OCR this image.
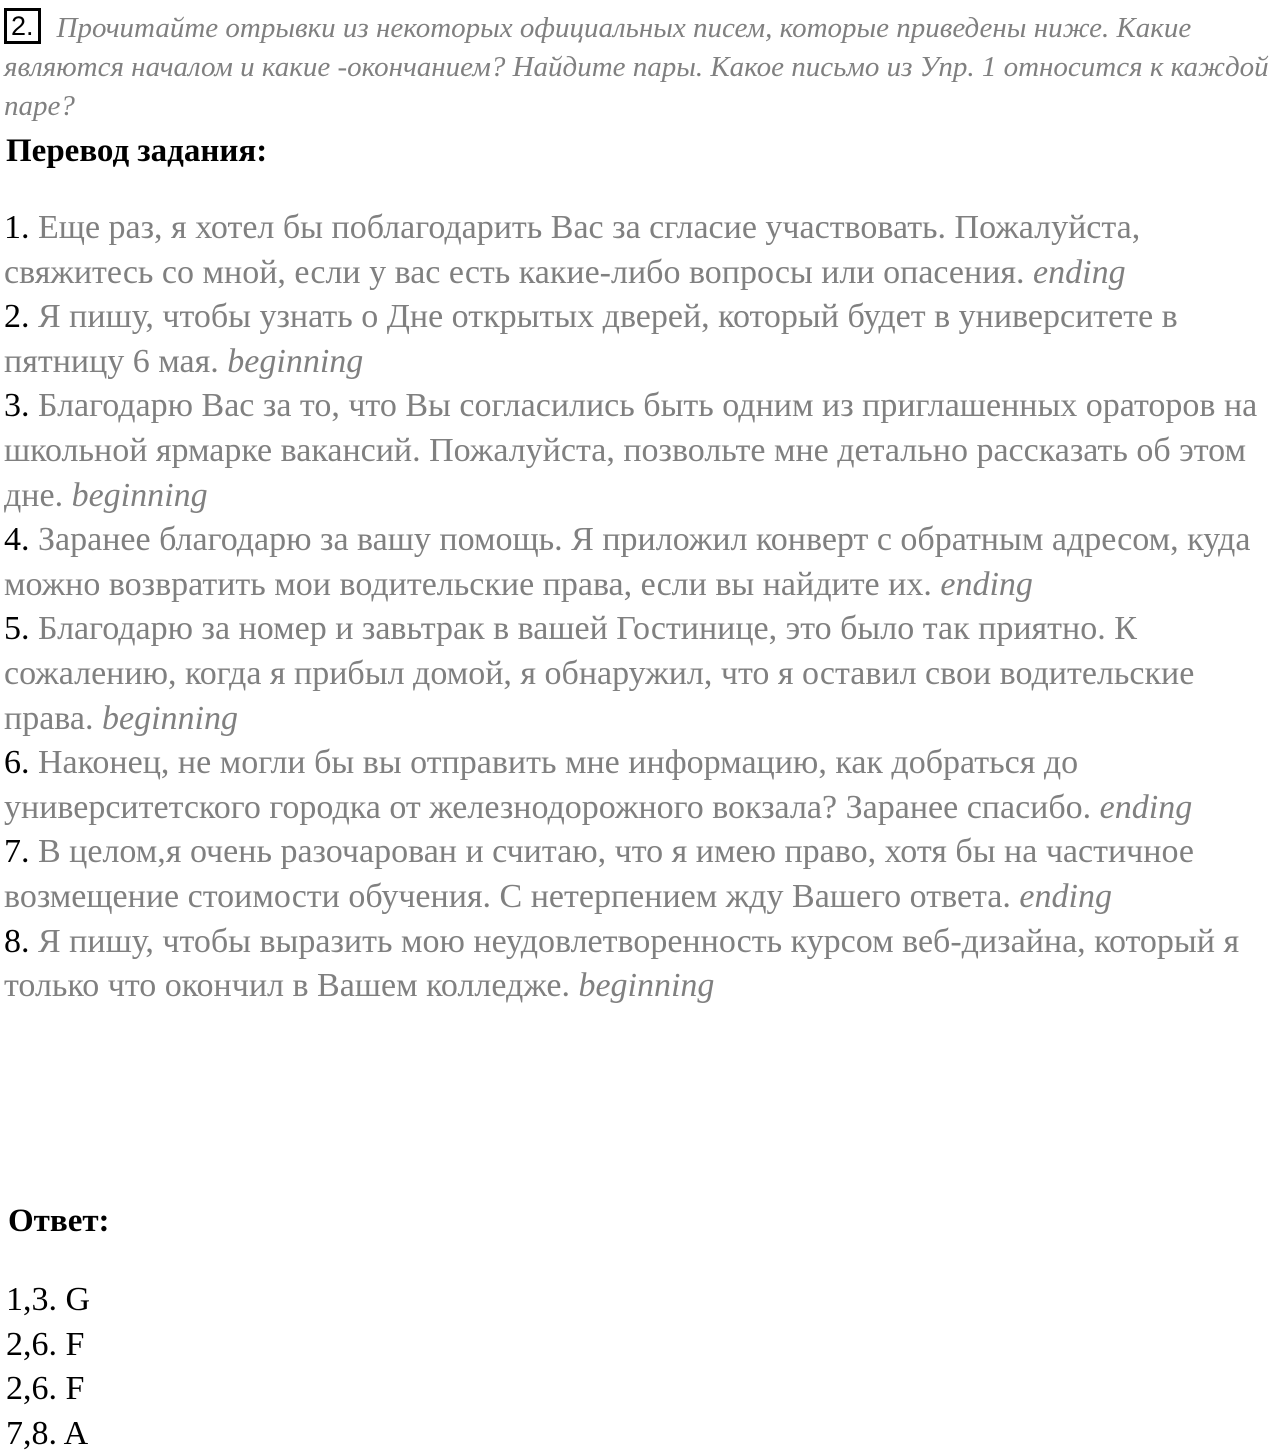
2. Прочитайте отрывки из некоторых официальных писем, которые приведены ниже. Какие являются началом и какие -окончанием? Найдите пары. Какое письмо из Упр. 1 относится к каждой паре?
Перевод задания:

1. Еще раз, я хотел бы поблагодарить Вас за сгласие участвовать. Пожалуйста, свяжитесь со мной, если у вас есть какие-либо вопросы или опасения. ending

2. Я пишу, чтобы узнать о Дне открытых дверей, который будет в университете в пятницу 6 мая. beginning

3. Благодарю Вас за то, что Вы согласились быть одним из приглашенных ораторов на школьной ярмарке вакансий. Пожалуйста, позвольте мне детально рассказать об этом дне. beginning

4. Заранее благодарю за вашу помощь. Я приложил конверт с обратным адресом, куда можно возвратить мои водительские права, если вы найдите их. ending

5. Благодарю за номер и завьтрак в вашей Гостинице, это было так приятно. К сожалению, когда я прибыл домой, я обнаружил, что я оставил свои водительские права. beginning

6. Наконец, не могли бы вы отправить мне информацию, как добраться до университетского городка от железнодорожного вокзала? Заранее спасибо. ending

7. В целом,я очень разочарован и считаю, что я имею право, хотя бы на частичное возмещение стоимости обучения. С нетерпением жду Вашего ответа. ending

8. Я пишу, чтобы выразить мою неудовлетворенность курсом веб-дизайна, который я только что окончил в Вашем колледже. beginning

Ответ:

1,3. G

2,6. F

2,6. F

7,8. A
